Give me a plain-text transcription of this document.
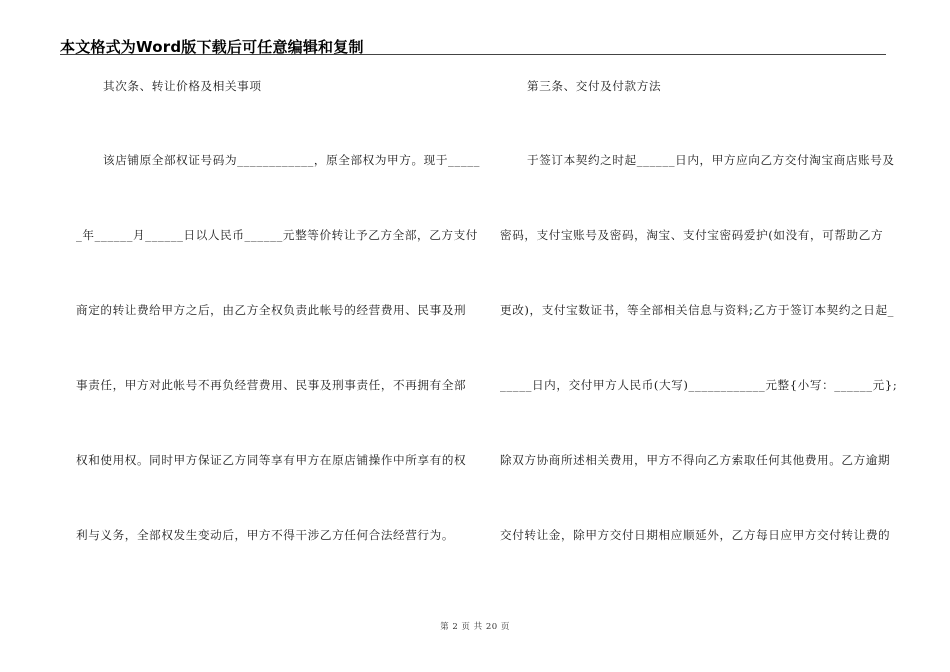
本文格式为Word版下载后可任意编辑和复制
其次条、转让价格及相关事项
该店铺原全部权证号码为____________，原全部权为甲方。现于_____
_年______月______日以人民币______元整等价转让予乙方全部，乙方支付
商定的转让费给甲方之后，由乙方全权负责此帐号的经营费用、民事及刑
事责任，甲方对此帐号不再负经营费用、民事及刑事责任，不再拥有全部
权和使用权。同时甲方保证乙方同等享有甲方在原店铺操作中所享有的权
利与义务，全部权发生变动后，甲方不得干涉乙方任何合法经营行为。
第三条、交付及付款方法
于签订本契约之时起______日内，甲方应向乙方交付淘宝商店账号及
密码，支付宝账号及密码，淘宝、支付宝密码爱护(如没有，可帮助乙方
更改)，支付宝数证书，等全部相关信息与资料;乙方于签订本契约之日起_
_____日内，交付甲方人民币(大写)____________元整{小写：______元};
除双方协商所述相关费用，甲方不得向乙方索取任何其他费用。乙方逾期
交付转让金，除甲方交付日期相应顺延外，乙方每日应甲方交付转让费的
第 2 页 共 20 页
